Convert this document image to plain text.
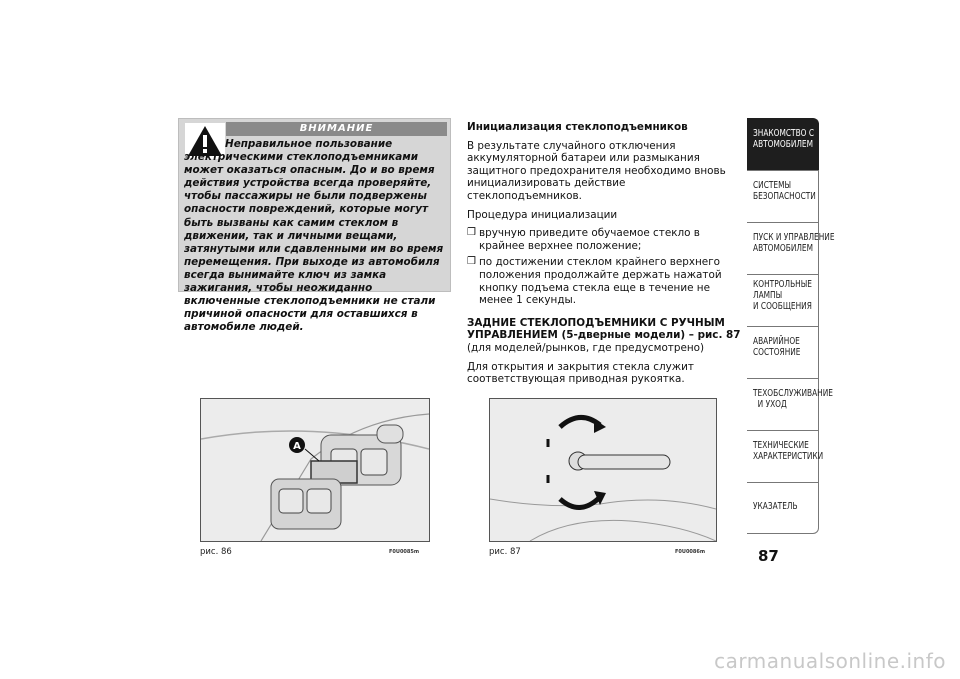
ВНИМАНИЕ
Неправильное пользование электрическими стеклоподъемниками может оказаться опасным. До и во время действия устройства всегда проверяйте, чтобы пассажиры не были подвержены опасности повреждений, которые могут быть вызваны как самим стеклом в движении, так и личными вещами, затянутыми или сдавленными им во время перемещения. При выходе из автомобиля всегда вынимайте ключ из замка зажигания, чтобы неожиданно включенные стеклоподъемники не стали причиной опасности для оставшихся в автомобиле людей.

Инициализация стеклоподъемников

В результате случайного отключения аккумуляторной батареи или размыкания защитного предохранителя необходимо вновь инициализировать действие стеклоподъемников.

Процедура инициализации

❒ вручную приведите обучаемое стекло в крайнее верхнее положение;
❒ по достижении стеклом крайнего верхнего положения продолжайте держать нажатой кнопку подъема стекла еще в течение не менее 1 секунды.

ЗАДНИЕ СТЕКЛОПОДЪЕМНИКИ С РУЧНЫМ

УПРАВЛЕНИЕМ (5-дверные модели) – рис. 87

(для моделей/рынков, где предусмотрено)

Для открытия и закрытия стекла служит соответствующая приводная рукоятка.

ЗНАКОМСТВО С
АВТОМОБИЛЕМ
СИСТЕМЫ
БЕЗОПАСНОСТИ
ПУСК И УПРАВЛЕНИЕ
АВТОМОБИЛЕМ
КОНТРОЛЬНЫЕ
ЛАМПЫ
И СООБЩЕНИЯ
АВАРИЙНОЕ
СОСТОЯНИЕ
ТЕХОБСЛУЖИВАНИЕ
И УХОД
ТЕХНИЧЕСКИЕ
ХАРАКТЕРИСТИКИ
УКАЗАТЕЛЬ
87
A
рис. 86	F0U0085m	рис. 87	F0U0086m
carmanualsonline.info
